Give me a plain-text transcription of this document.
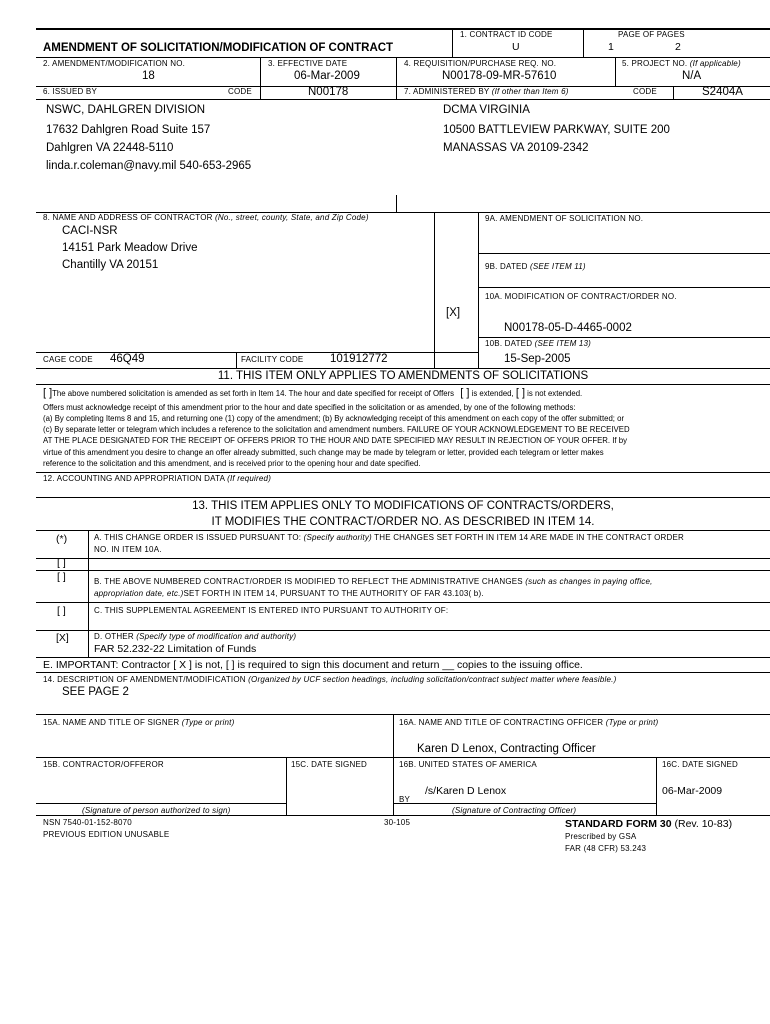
AMENDMENT OF SOLICITATION/MODIFICATION OF CONTRACT
1. CONTRACT ID CODE
U
PAGE OF PAGES
1	2
2. AMENDMENT/MODIFICATION NO.
18
3. EFFECTIVE DATE
06-Mar-2009
4. REQUISITION/PURCHASE REQ. NO.
N00178-09-MR-57610
5. PROJECT NO. (If applicable)
N/A
6. ISSUED BY	CODE	N00178	7. ADMINISTERED BY (If other than Item 6)	CODE	S2404A
NSWC, DAHLGREN DIVISION
17632 Dahlgren Road Suite 157
Dahlgren VA 22448-5110
linda.r.coleman@navy.mil 540-653-2965
DCMA VIRGINIA
10500 BATTLEVIEW PARKWAY, SUITE 200
MANASSAS VA 20109-2342
8. NAME AND ADDRESS OF CONTRACTOR (No., street, county, State, and Zip Code)
CACI-NSR
14151 Park Meadow Drive
Chantilly VA 20151
CAGE CODE 46Q49	FACILITY CODE 101912772
9A. AMENDMENT OF SOLICITATION NO.
9B. DATED (SEE ITEM 11)
10A. MODIFICATION OF CONTRACT/ORDER NO.
[X]
N00178-05-D-4465-0002
10B. DATED (SEE ITEM 13)
15-Sep-2005
11. THIS ITEM ONLY APPLIES TO AMENDMENTS OF SOLICITATIONS
[ ]The above numbered solicitation is amended as set forth in Item 14. The hour and date specified for receipt of Offers [ ] is extended, [ ] is not extended.
Offers must acknowledge receipt of this amendment prior to the hour and date specified in the solicitation or as amended, by one of the following methods:
(a) By completing Items 8 and 15, and returning one (1) copy of the amendment; (b) By acknowledging receipt of this amendment on each copy of the offer submitted; or
(c) By separate letter or telegram which includes a reference to the solicitation and amendment numbers. FAILURE OF YOUR ACKNOWLEDGEMENT TO BE RECEIVED
AT THE PLACE DESIGNATED FOR THE RECEIPT OF OFFERS PRIOR TO THE HOUR AND DATE SPECIFIED MAY RESULT IN REJECTION OF YOUR OFFER. If by
virtue of this amendment you desire to change an offer already submitted, such change may be made by telegram or letter, provided each telegram or letter makes
reference to the solicitation and this amendment, and is received prior to the opening hour and date specified.
12. ACCOUNTING AND APPROPRIATION DATA (If required)
13. THIS ITEM APPLIES ONLY TO MODIFICATIONS OF CONTRACTS/ORDERS,
IT MODIFIES THE CONTRACT/ORDER NO. AS DESCRIBED IN ITEM 14.
(*)	A. THIS CHANGE ORDER IS ISSUED PURSUANT TO: (Specify authority) THE CHANGES SET FORTH IN ITEM 14 ARE MADE IN THE CONTRACT ORDER
NO. IN ITEM 10A.
[ ]
[ ]	B. THE ABOVE NUMBERED CONTRACT/ORDER IS MODIFIED TO REFLECT THE ADMINISTRATIVE CHANGES (such as changes in paying office,
appropriation date, etc.)SET FORTH IN ITEM 14, PURSUANT TO THE AUTHORITY OF FAR 43.103( b).
[ ]	C. THIS SUPPLEMENTAL AGREEMENT IS ENTERED INTO PURSUANT TO AUTHORITY OF:
[X]	D. OTHER (Specify type of modification and authority)
FAR 52.232-22 Limitation of Funds
E. IMPORTANT: Contractor [ X ] is not, [ ] is required to sign this document and return __ copies to the issuing office.
14. DESCRIPTION OF AMENDMENT/MODIFICATION (Organized by UCF section headings, including solicitation/contract subject matter where feasible.)
SEE PAGE 2
15A. NAME AND TITLE OF SIGNER (Type or print)	16A. NAME AND TITLE OF CONTRACTING OFFICER (Type or print)
Karen D Lenox, Contracting Officer
15B. CONTRACTOR/OFFEROR	15C. DATE SIGNED	16B. UNITED STATES OF AMERICA	16C. DATE SIGNED
06-Mar-2009
BY
/s/Karen D Lenox
(Signature of person authorized to sign)	(Signature of Contracting Officer)
NSN 7540-01-152-8070
PREVIOUS EDITION UNUSABLE
30-105	STANDARD FORM 30 (Rev. 10-83)
Prescribed by GSA
FAR (48 CFR) 53.243
